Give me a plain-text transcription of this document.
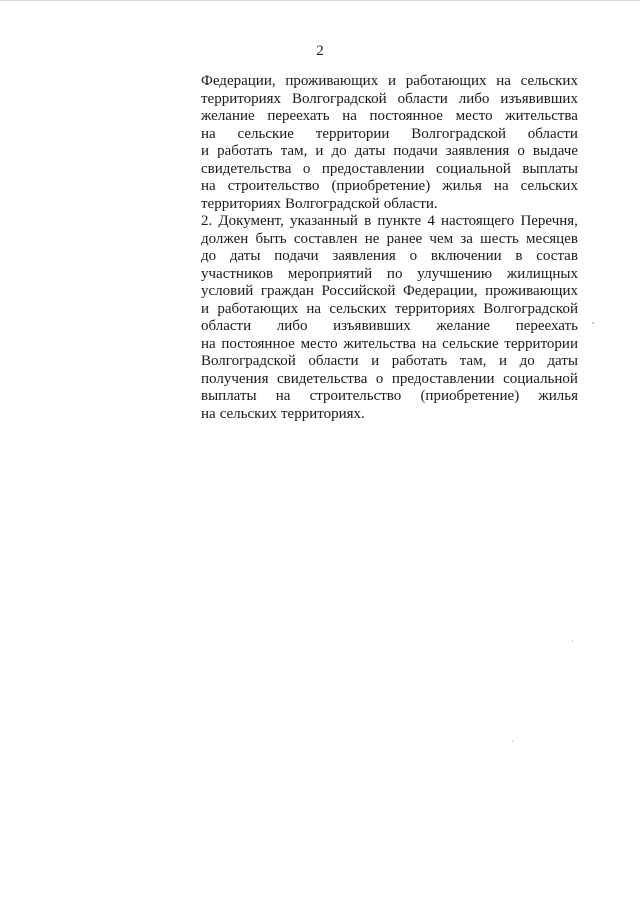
2
Федерации, проживающих и работающих на сельских
территориях Волгоградской области либо изъявивших
желание переехать на постоянное место жительства
на сельские территории Волгоградской области
и работать там, и до даты подачи заявления о выдаче
свидетельства о предоставлении социальной выплаты
на строительство (приобретение) жилья на сельских
территориях Волгоградской области.
2. Документ, указанный в пункте 4 настоящего Перечня,
должен быть составлен не ранее чем за шесть месяцев
до даты подачи заявления о включении в состав
участников мероприятий по улучшению жилищных
условий граждан Российской Федерации, проживающих
и работающих на сельских территориях Волгоградской
области либо изъявивших желание переехать
на постоянное место жительства на сельские территории
Волгоградской области и работать там, и до даты
получения свидетельства о предоставлении социальной
выплаты на строительство (приобретение) жилья
на сельских территориях.
